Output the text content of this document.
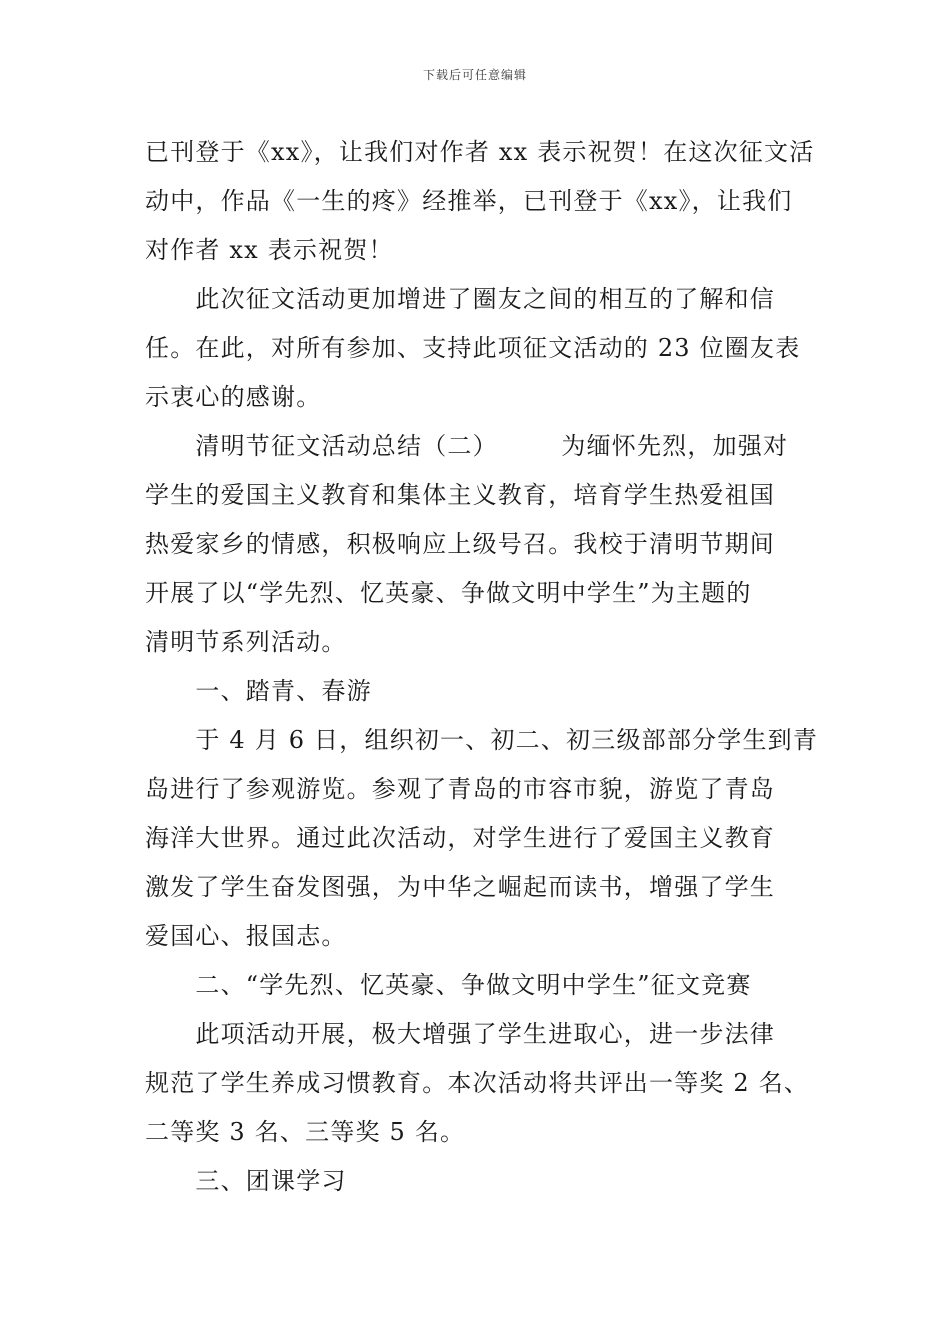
下载后可任意编辑
已刊登于《xx》，让我们对作者 xx 表示祝贺！在这次征文活
动中，作品《一生的疼》经推举，已刊登于《xx》，让我们
对作者 xx 表示祝贺！
　　此次征文活动更加增进了圈友之间的相互的了解和信
任。在此，对所有参加、支持此项征文活动的 23 位圈友表
示衷心的感谢。
　　清明节征文活动总结（二）　　　为缅怀先烈，加强对
学生的爱国主义教育和集体主义教育，培育学生热爱祖国
热爱家乡的情感，积极响应上级号召。我校于清明节期间
开展了以“学先烈、忆英豪、争做文明中学生”为主题的
清明节系列活动。
　　一、踏青、春游
　　于 4 月 6 日，组织初一、初二、初三级部部分学生到青
岛进行了参观游览。参观了青岛的市容市貌，游览了青岛
海洋大世界。通过此次活动，对学生进行了爱国主义教育
激发了学生奋发图强，为中华之崛起而读书，增强了学生
爱国心、报国志。
　　二、“学先烈、忆英豪、争做文明中学生”征文竞赛
　　此项活动开展，极大增强了学生进取心，进一步法律
规范了学生养成习惯教育。本次活动将共评出一等奖 2 名、
二等奖 3 名、三等奖 5 名。
　　三、团课学习
